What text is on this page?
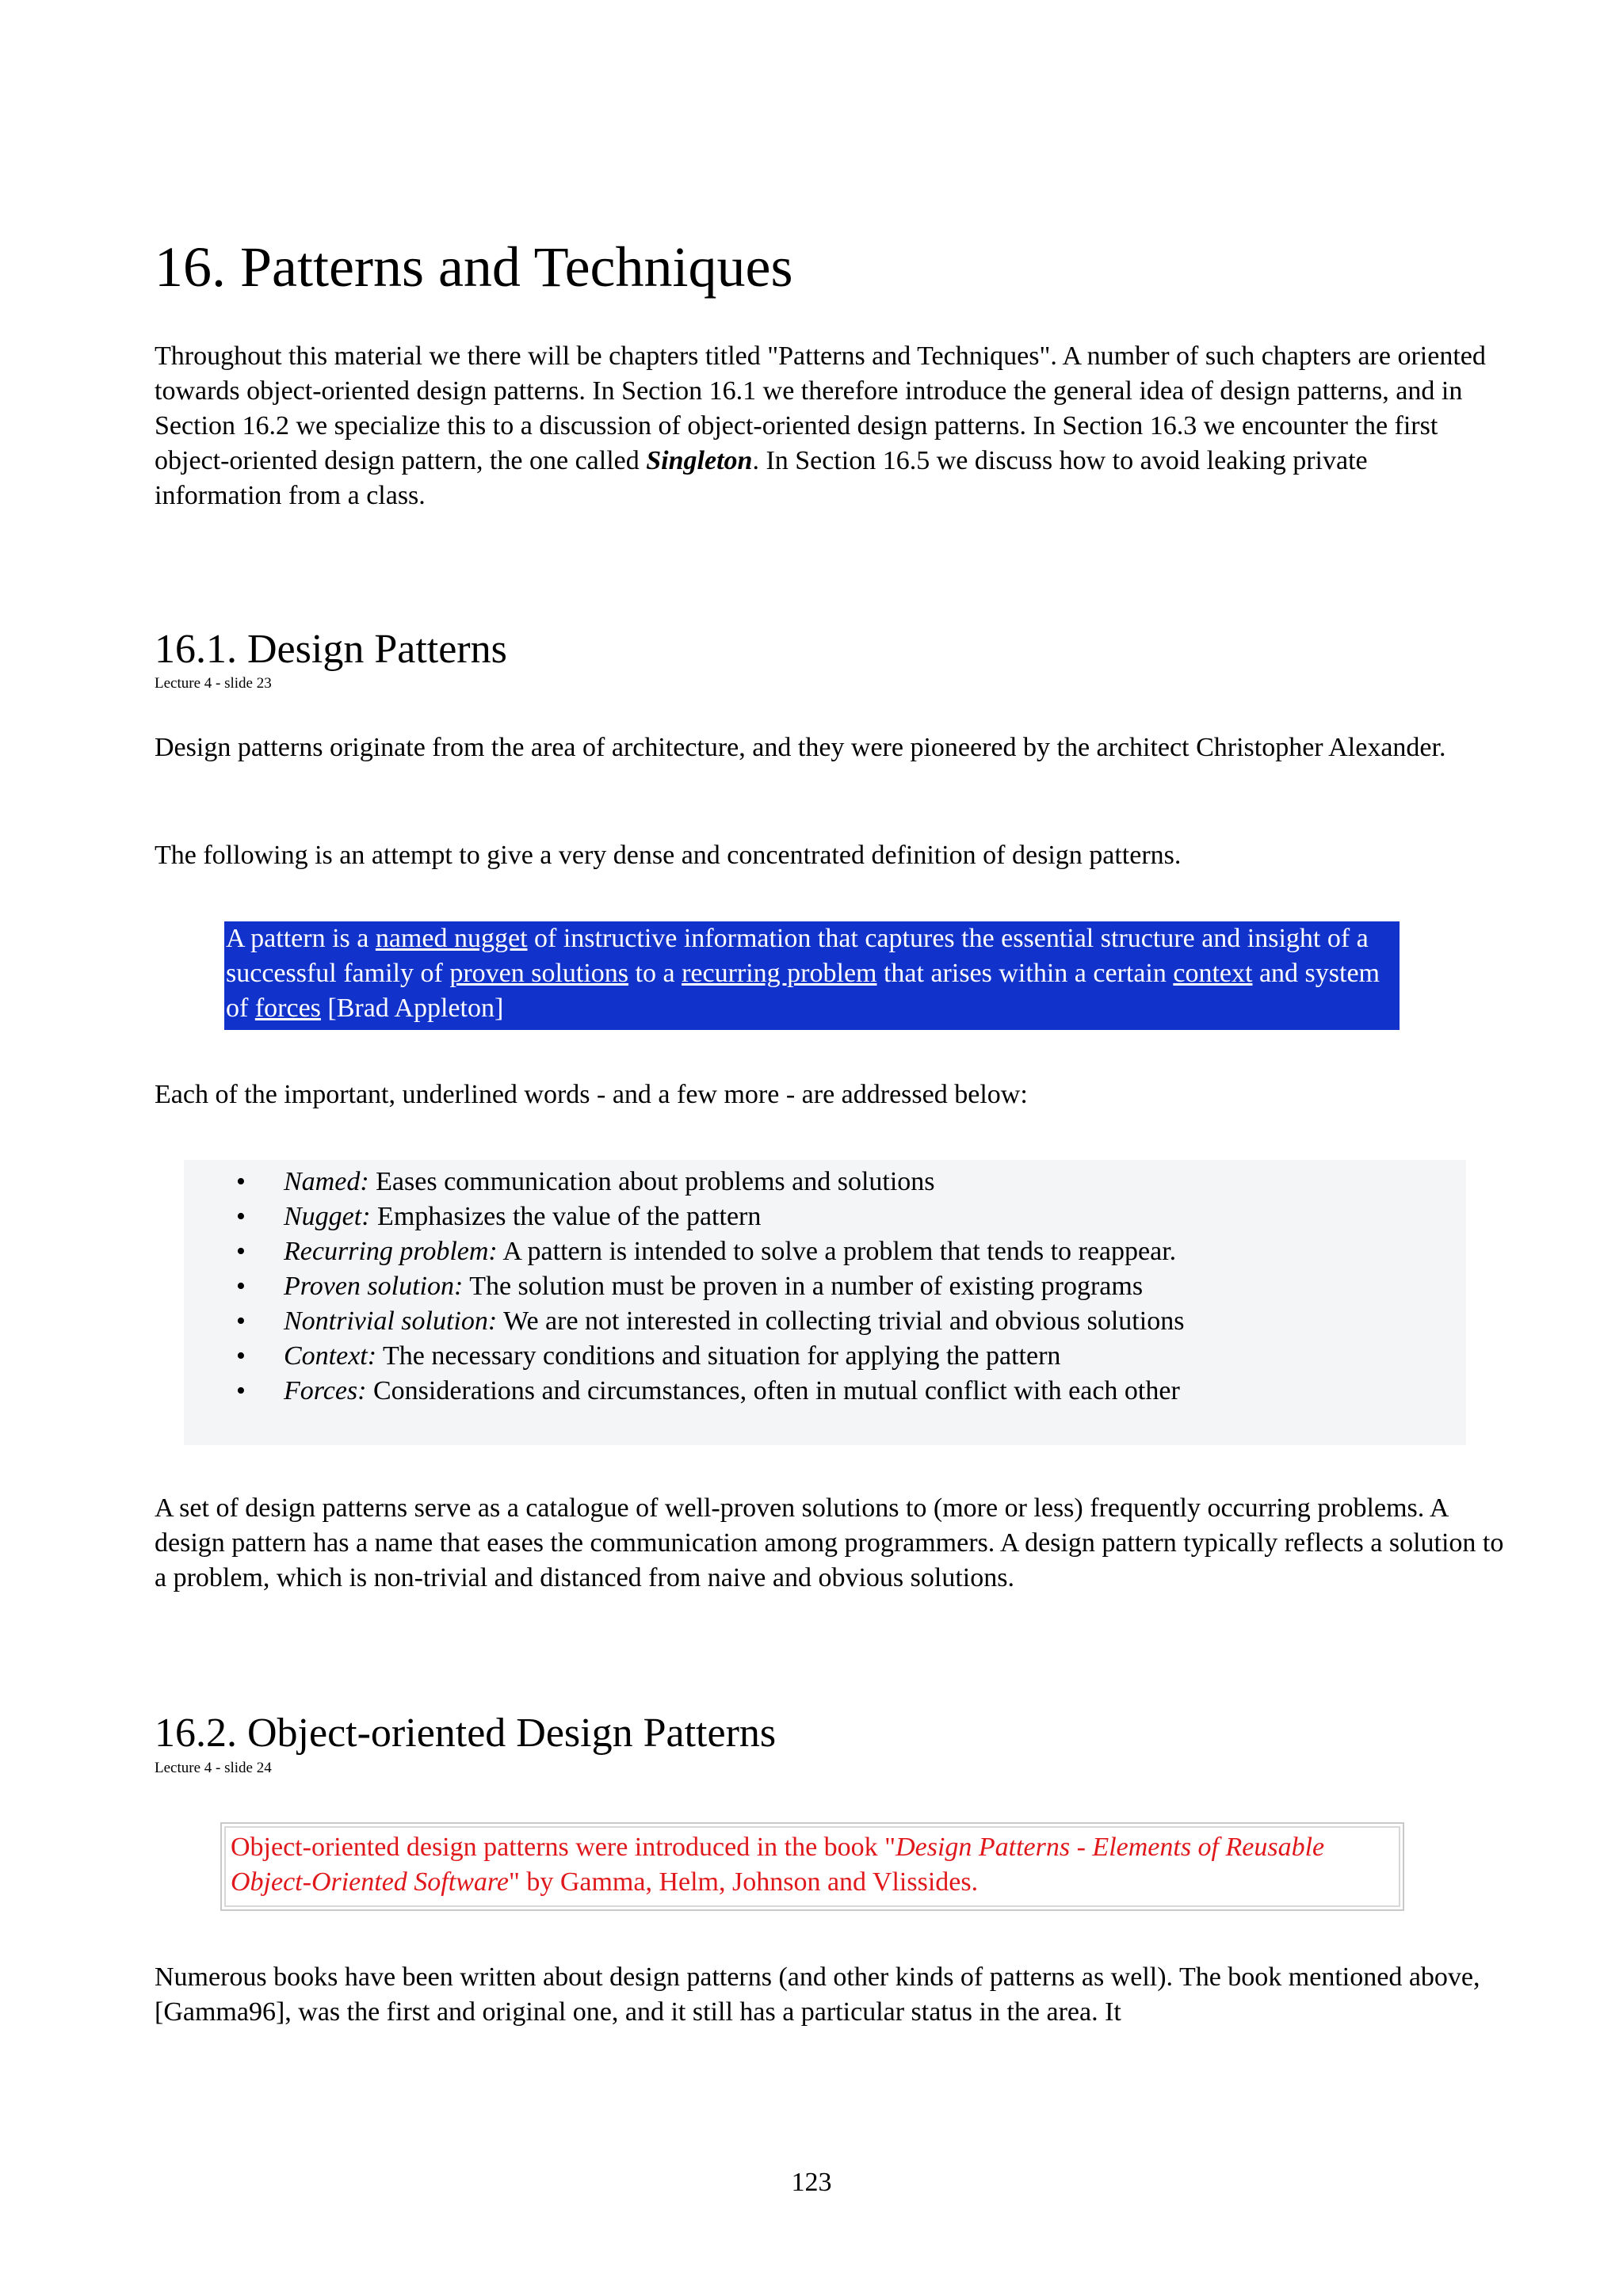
16. Patterns and Techniques

Throughout this material we there will be chapters titled "Patterns and Techniques". A number of such chapters are oriented towards object-oriented design patterns. In Section 16.1 we therefore introduce the general idea of design patterns, and in Section 16.2 we specialize this to a discussion of object-oriented design patterns. In Section 16.3 we encounter the first object-oriented design pattern, the one called Singleton. In Section 16.5 we discuss how to avoid leaking private information from a class.

16.1. Design Patterns
Lecture 4 - slide 23

Design patterns originate from the area of architecture, and they were pioneered by the architect Christopher Alexander.

The following is an attempt to give a very dense and concentrated definition of design patterns.

A pattern is a named nugget of instructive information that captures the essential structure and insight of a successful family of proven solutions to a recurring problem that arises within a certain context and system of forces [Brad Appleton]

Each of the important, underlined words - and a few more - are addressed below:

• Named: Eases communication about problems and solutions
• Nugget: Emphasizes the value of the pattern
• Recurring problem: A pattern is intended to solve a problem that tends to reappear.
• Proven solution: The solution must be proven in a number of existing programs
• Nontrivial solution: We are not interested in collecting trivial and obvious solutions
• Context: The necessary conditions and situation for applying the pattern
• Forces: Considerations and circumstances, often in mutual conflict with each other

A set of design patterns serve as a catalogue of well-proven solutions to (more or less) frequently occurring problems. A design pattern has a name that eases the communication among programmers. A design pattern typically reflects a solution to a problem, which is non-trivial and distanced from naive and obvious solutions.

16.2. Object-oriented Design Patterns
Lecture 4 - slide 24
Object-oriented design patterns were introduced in the book "Design Patterns - Elements of Reusable Object-Oriented Software" by Gamma, Helm, Johnson and Vlissides.

Numerous books have been written about design patterns (and other kinds of patterns as well). The book mentioned above, [Gamma96], was the first and original one, and it still has a particular status in the area. It

123
